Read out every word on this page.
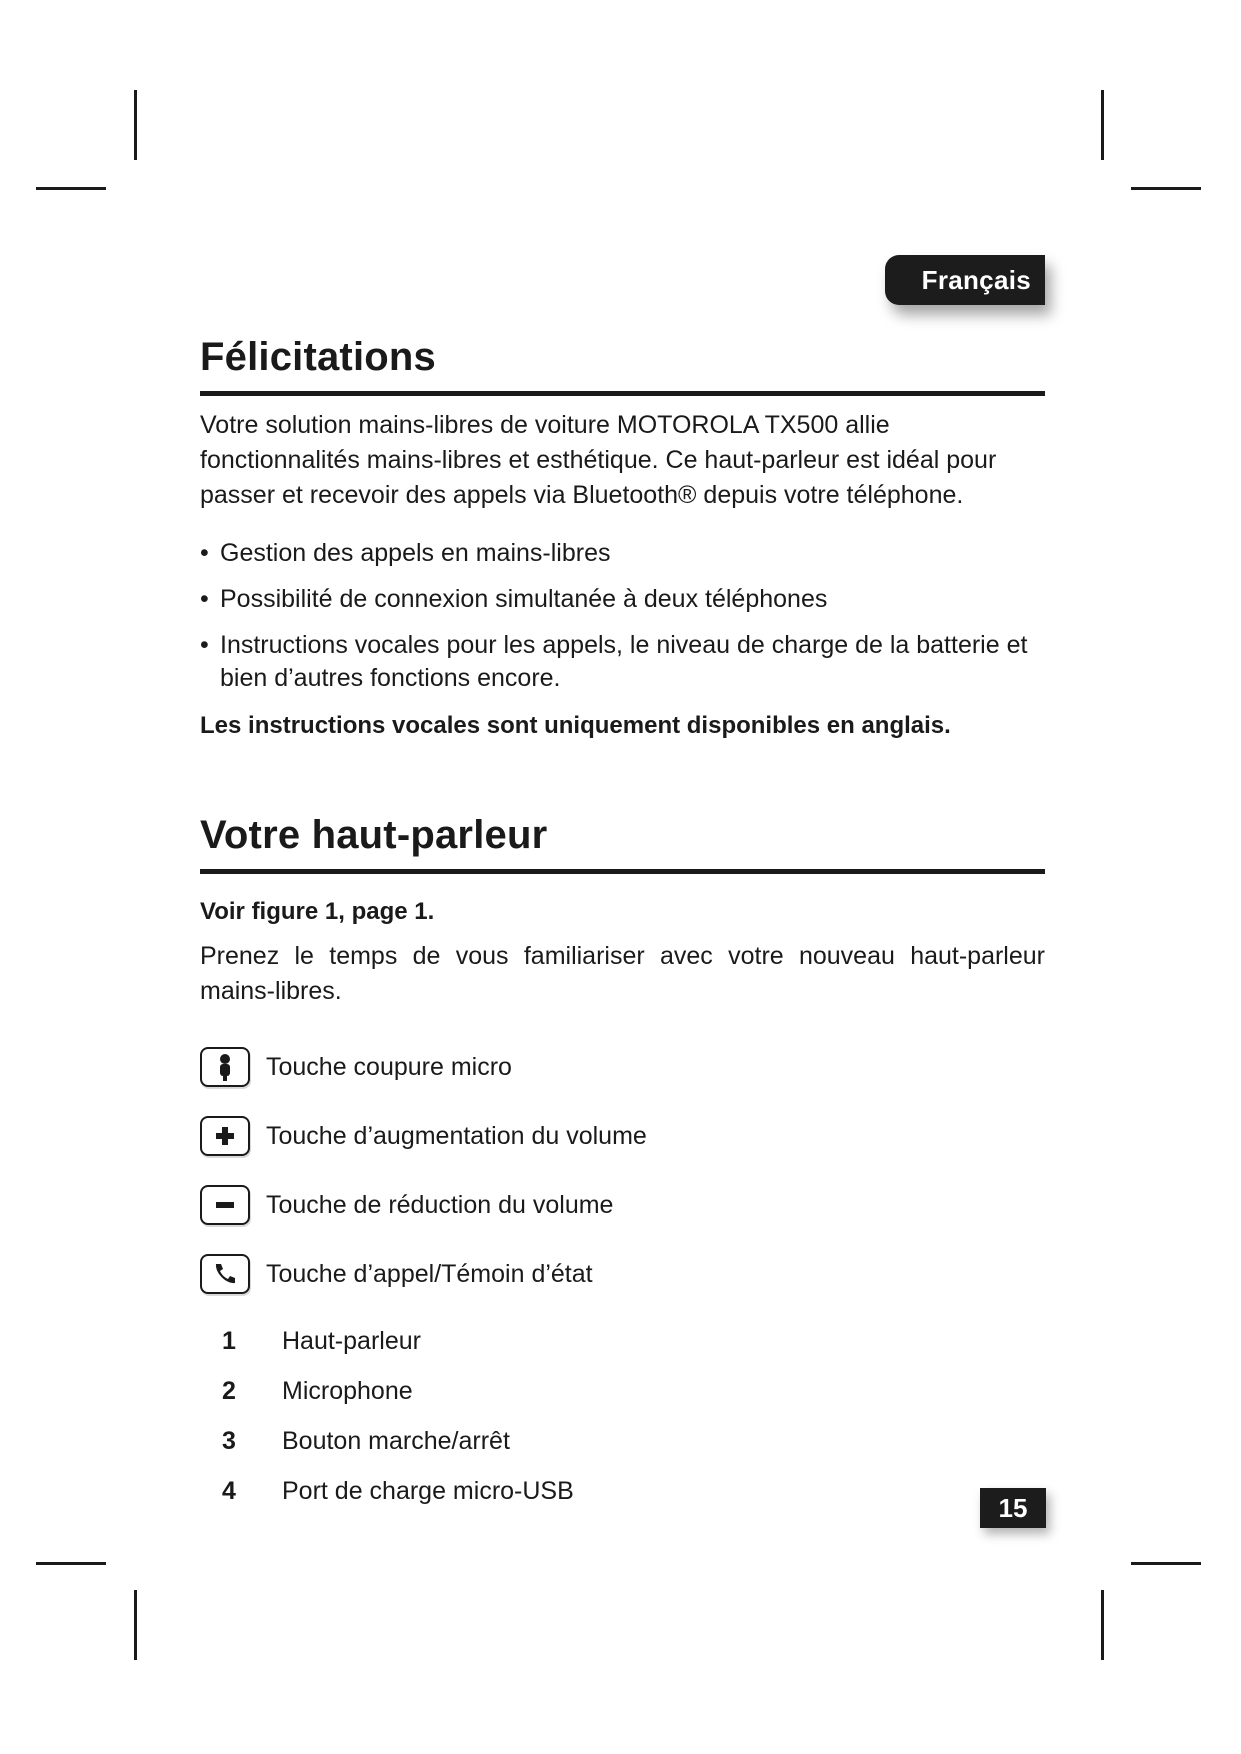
Français
Félicitations

Votre solution mains-libres de voiture MOTOROLA TX500 allie fonctionnalités mains-libres et esthétique. Ce haut-parleur est idéal pour passer et recevoir des appels via Bluetooth® depuis votre téléphone.

• Gestion des appels en mains-libres
• Possibilité de connexion simultanée à deux téléphones
• Instructions vocales pour les appels, le niveau de charge de la batterie et bien d’autres fonctions encore.

Les instructions vocales sont uniquement disponibles en anglais.

Votre haut-parleur

Voir figure 1, page 1.

Prenez le temps de vous familiariser avec votre nouveau haut-parleur mains-libres.

Touche coupure micro
Touche d’augmentation du volume
Touche de réduction du volume
Touche d’appel/Témoin d’état
1	Haut-parleur
2	Microphone
3	Bouton marche/arrêt
4	Port de charge micro-USB
15
